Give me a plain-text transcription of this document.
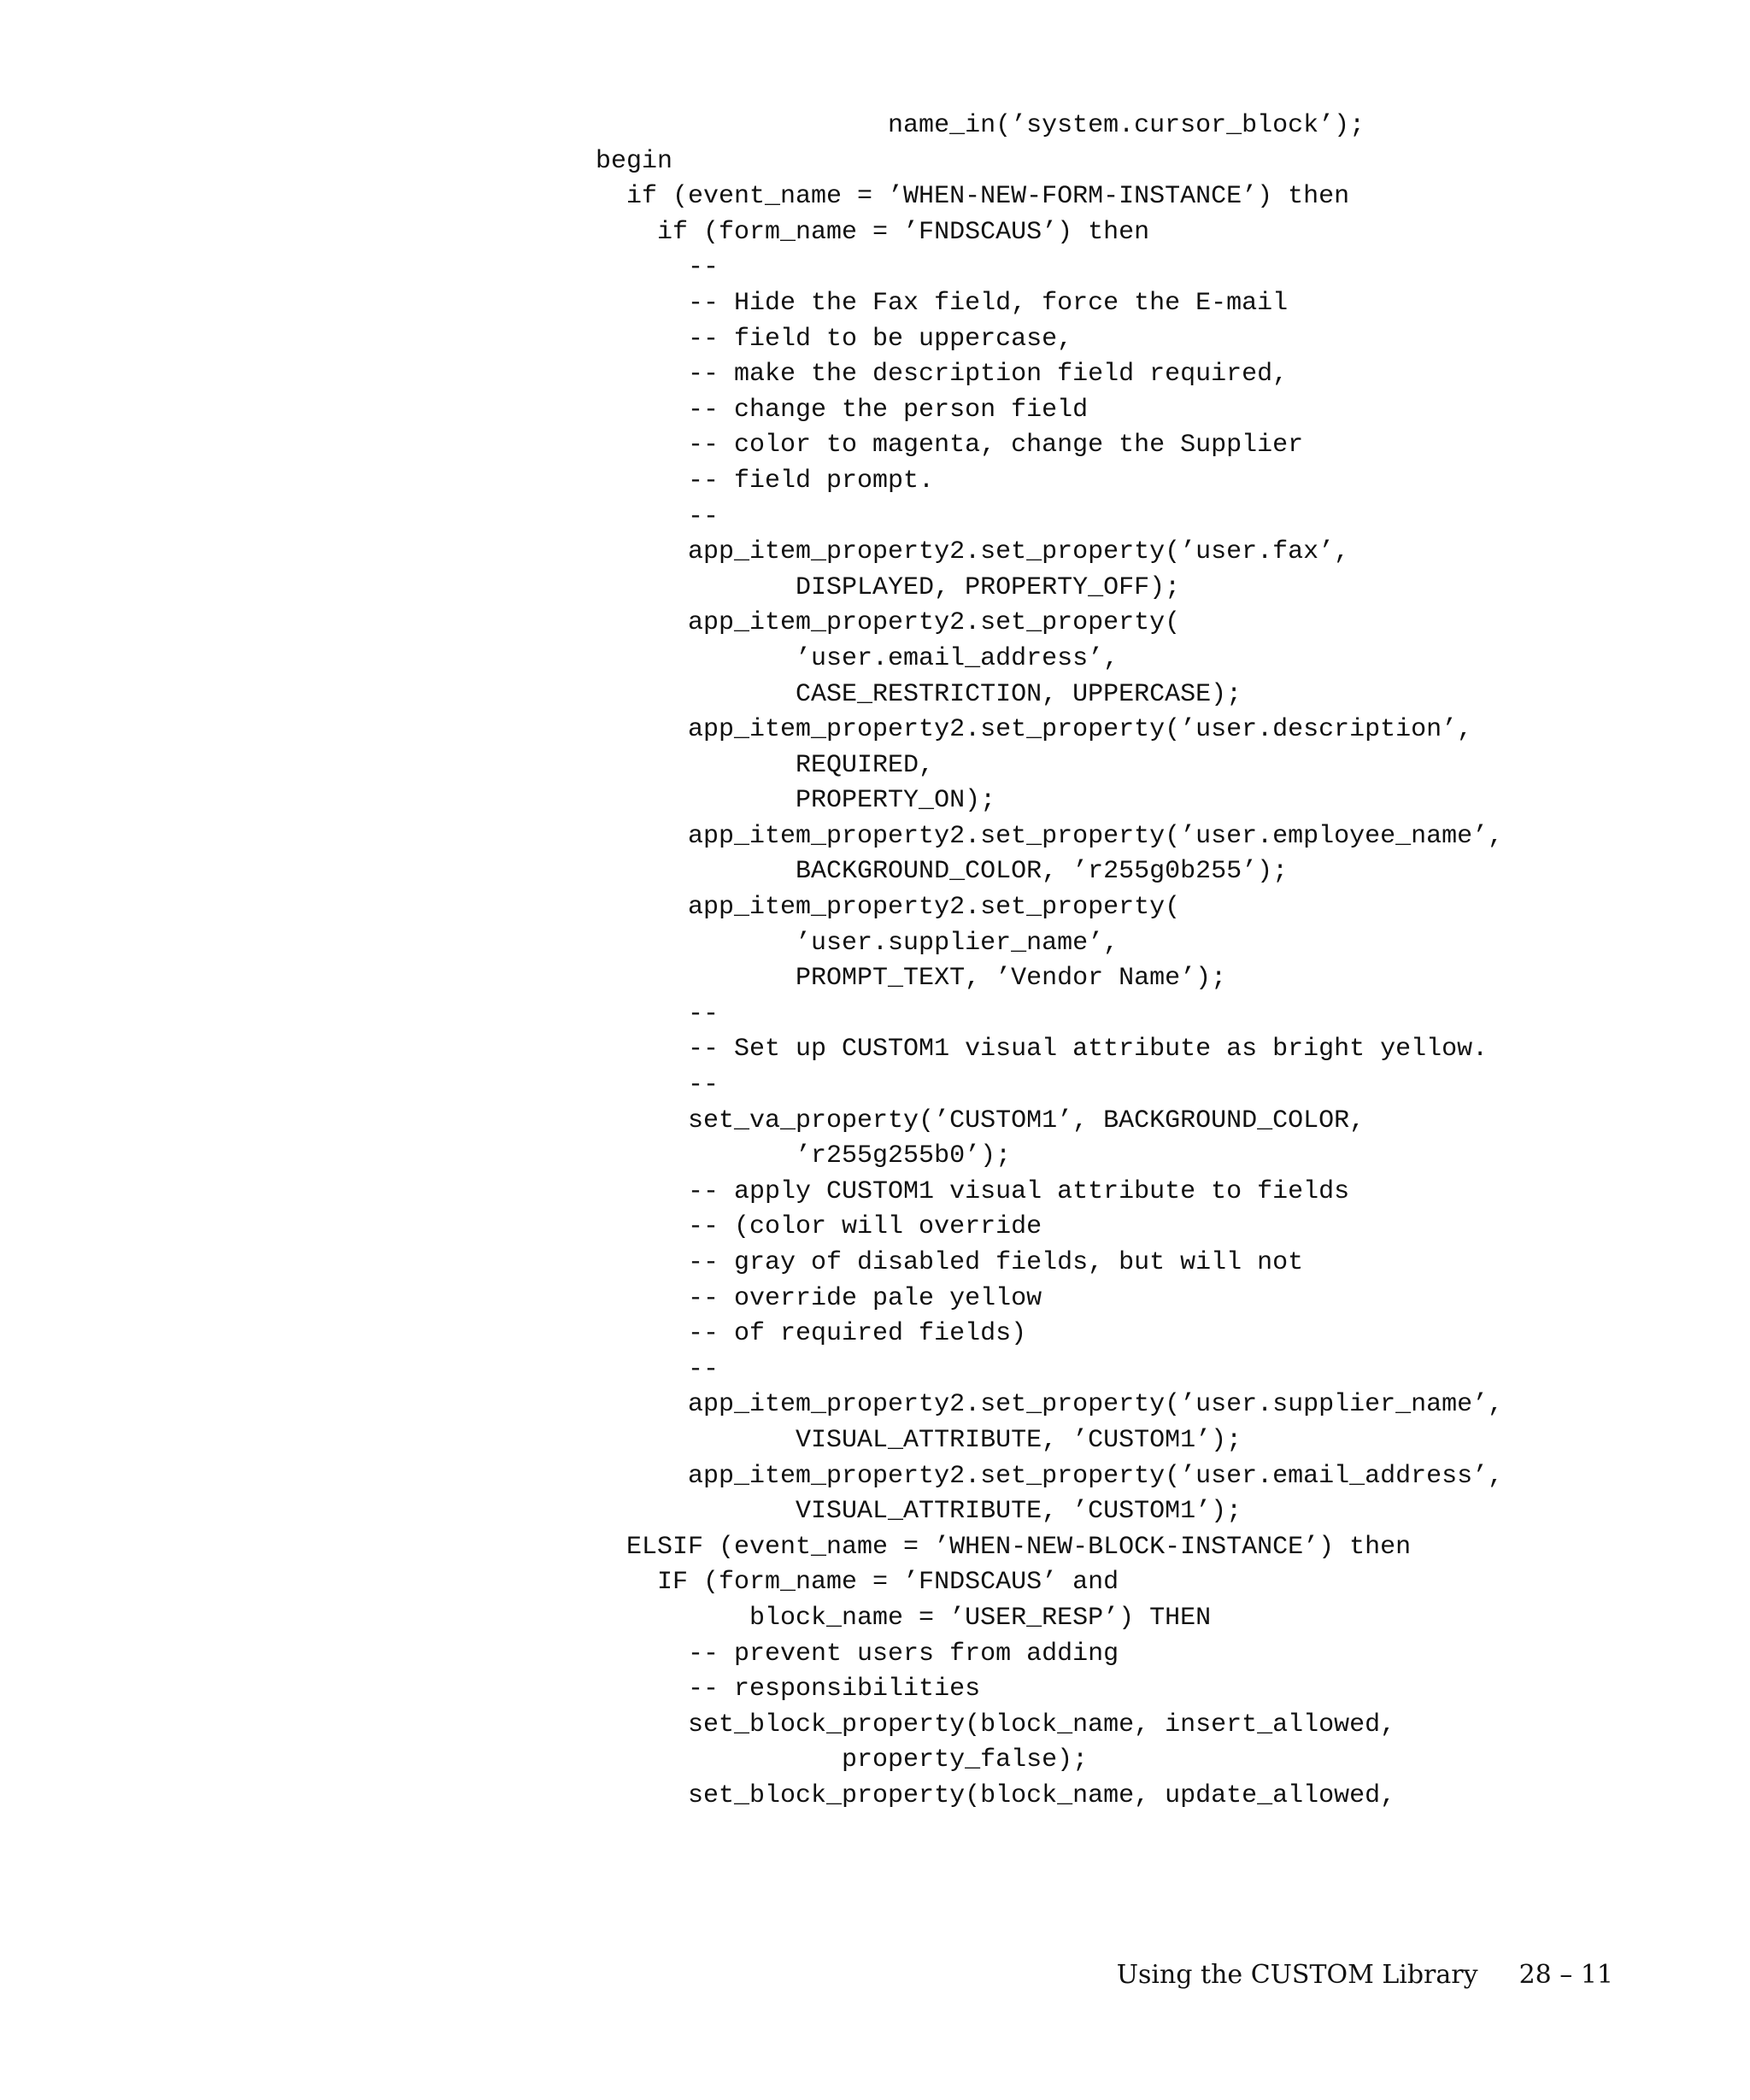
name_in(’system.cursor_block’);
begin
if (event_name = ’WHEN-NEW-FORM-INSTANCE’) then
if (form_name = ’FNDSCAUS’) then
--
-- Hide the Fax field, force the E-mail
-- field to be uppercase,
-- make the description field required,
-- change the person field
-- color to magenta, change the Supplier
-- field prompt.
--
app_item_property2.set_property(’user.fax’,
DISPLAYED, PROPERTY_OFF);
app_item_property2.set_property(
’user.email_address’,
CASE_RESTRICTION, UPPERCASE);
app_item_property2.set_property(’user.description’,
REQUIRED,
PROPERTY_ON);
app_item_property2.set_property(’user.employee_name’,
BACKGROUND_COLOR, ’r255g0b255’);
app_item_property2.set_property(
’user.supplier_name’,
PROMPT_TEXT, ’Vendor Name’);
--
-- Set up CUSTOM1 visual attribute as bright yellow.
--
set_va_property(’CUSTOM1’, BACKGROUND_COLOR,
’r255g255b0’);
-- apply CUSTOM1 visual attribute to fields
-- (color will override
-- gray of disabled fields, but will not
-- override pale yellow
-- of required fields)
--
app_item_property2.set_property(’user.supplier_name’,
VISUAL_ATTRIBUTE, ’CUSTOM1’);
app_item_property2.set_property(’user.email_address’,
VISUAL_ATTRIBUTE, ’CUSTOM1’);
ELSIF (event_name = ’WHEN-NEW-BLOCK-INSTANCE’) then
IF (form_name = ’FNDSCAUS’ and
block_name = ’USER_RESP’) THEN
-- prevent users from adding
-- responsibilities
set_block_property(block_name, insert_allowed,
property_false);
set_block_property(block_name, update_allowed,
Using the CUSTOM Library 28 – 11
